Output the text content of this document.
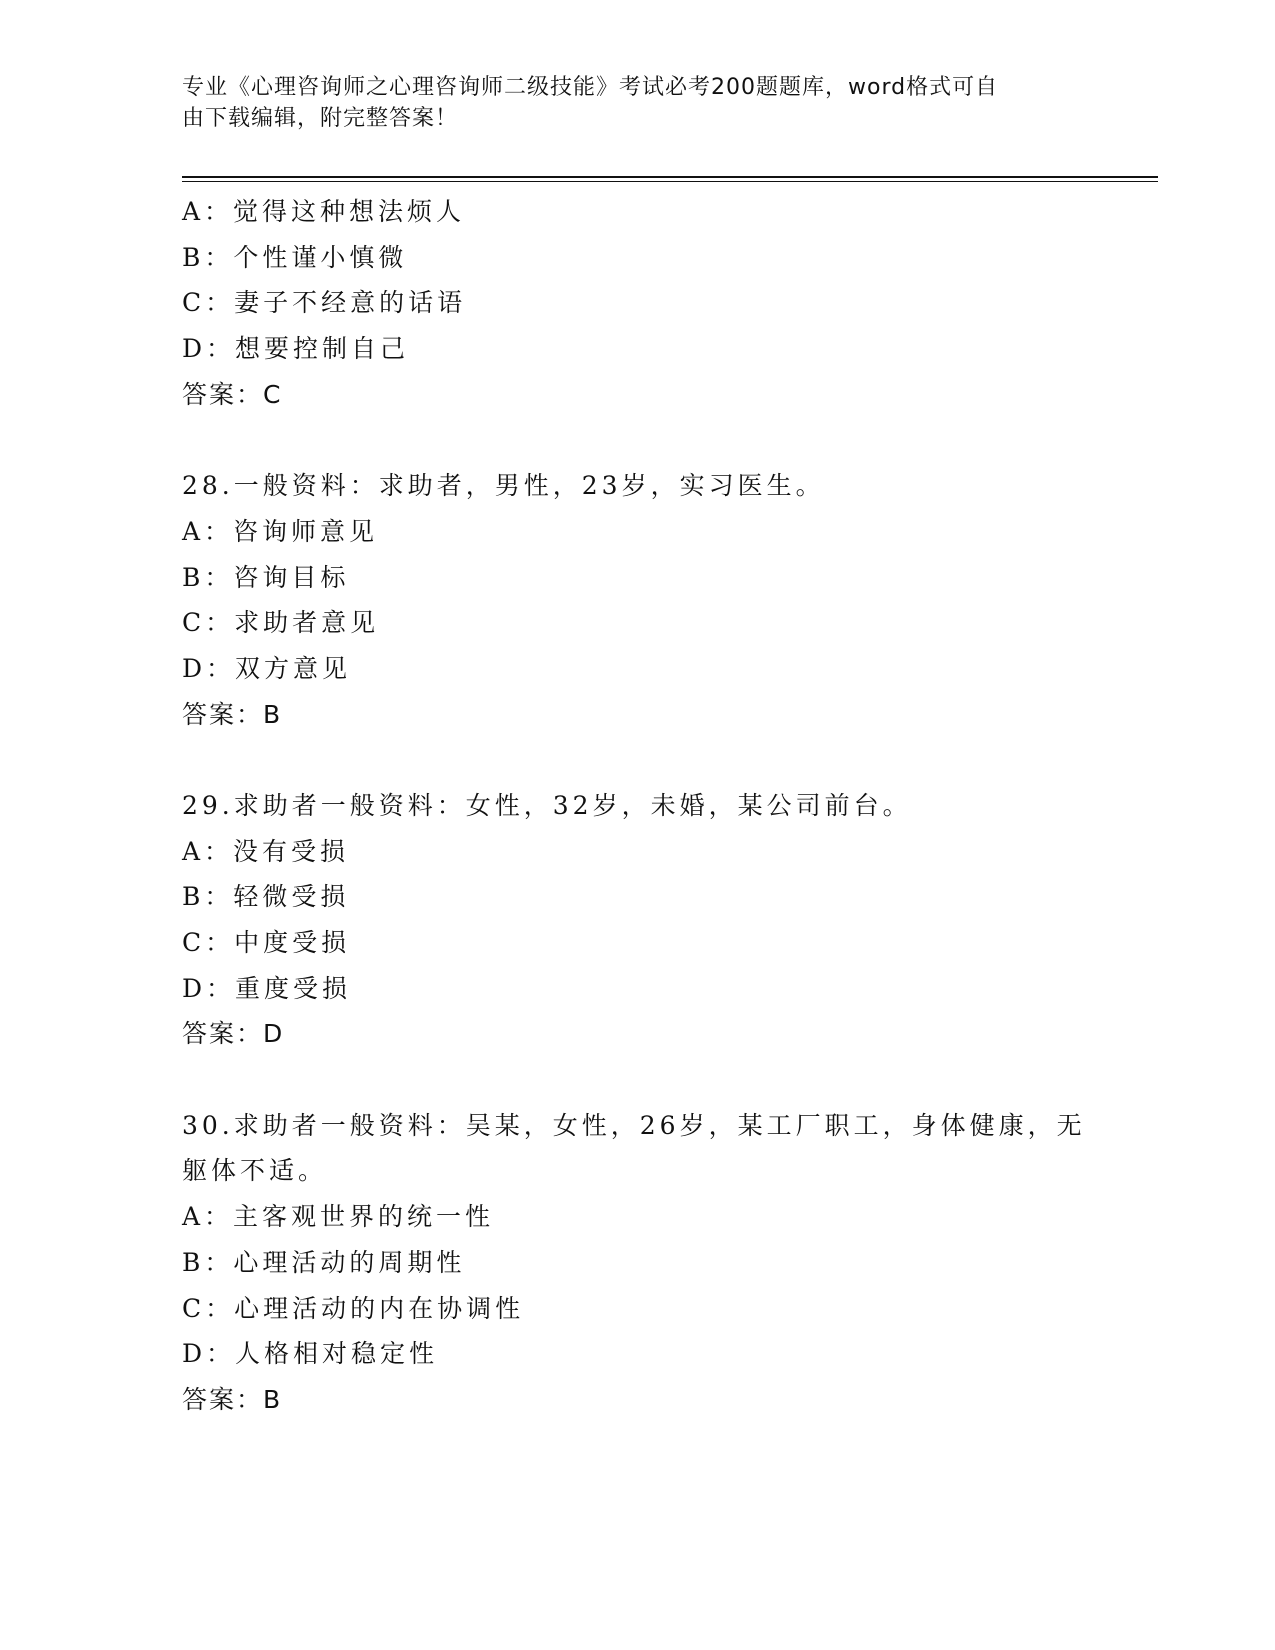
专业《心理咨询师之心理咨询师二级技能》考试必考200题题库，word格式可自
由下载编辑，附完整答案！
A：觉得这种想法烦人
B：个性谨小慎微
C：妻子不经意的话语
D：想要控制自己
答案：C
28.一般资料：求助者，男性，23岁，实习医生。
A：咨询师意见
B：咨询目标
C：求助者意见
D：双方意见
答案：B
29.求助者一般资料：女性，32岁，未婚，某公司前台。
A：没有受损
B：轻微受损
C：中度受损
D：重度受损
答案：D
30.求助者一般资料：吴某，女性，26岁，某工厂职工，身体健康，无
躯体不适。
A：主客观世界的统一性
B：心理活动的周期性
C：心理活动的内在协调性
D：人格相对稳定性
答案：B
